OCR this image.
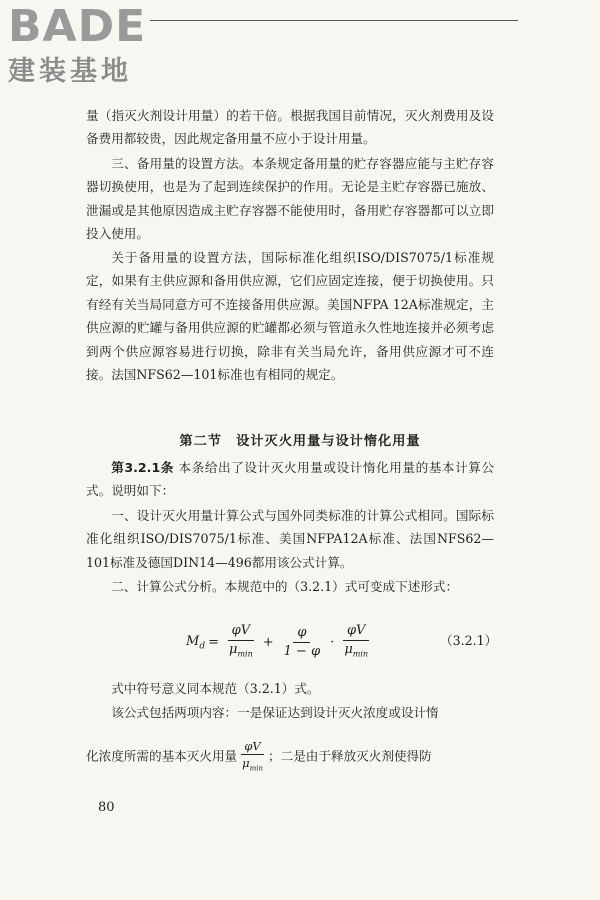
BADE
建装基地
量（指灭火剂设计用量）的若干倍。根据我国目前情况，灭火剂费用及设备费用都较贵，因此规定备用量不应小于设计用量。
三、备用量的设置方法。本条规定备用量的贮存容器应能与主贮存容器切换使用，也是为了起到连续保护的作用。无论是主贮存容器已施放、泄漏或是其他原因造成主贮存容器不能使用时，备用贮存容器都可以立即投入使用。
关于备用量的设置方法，国际标准化组织ISO/DIS7075/1标准规定，如果有主供应源和备用供应源，它们应固定连接，便于切换使用。只有经有关当局同意方可不连接备用供应源。美国NFPA 12A标准规定，主供应源的贮罐与备用供应源的贮罐都必须与管道永久性地连接并必须考虑到两个供应源容易进行切换，除非有关当局允许，备用供应源才可不连接。法国NFS62—101标准也有相同的规定。
第二节　设计灭火用量与设计惰化用量
第3.2.1条 本条给出了设计灭火用量或设计惰化用量的基本计算公式。说明如下：
一、设计灭火用量计算公式与国外同类标准的计算公式相同。国际标准化组织ISO/DIS7075/1标准、美国NFPA12A标准、法国NFS62—101标准及德国DIN14—496都用该公式计算。
二、计算公式分析。本规范中的（3.2.1）式可变成下述形式：
$M_d = \frac{\varphi V}{\mu_{min}} + \frac{\varphi}{1 - \varphi} \cdot \frac{\varphi V}{\mu_{min}}$	（3.2.1）
式中符号意义同本规范（3.2.1）式。
该公式包括两项内容：一是保证达到设计灭火浓度或设计惰
化浓度所需的基本灭火用量 $\frac{\varphi V}{\mu_{min}}$ ；二是由于释放灭火剂使得防
80
